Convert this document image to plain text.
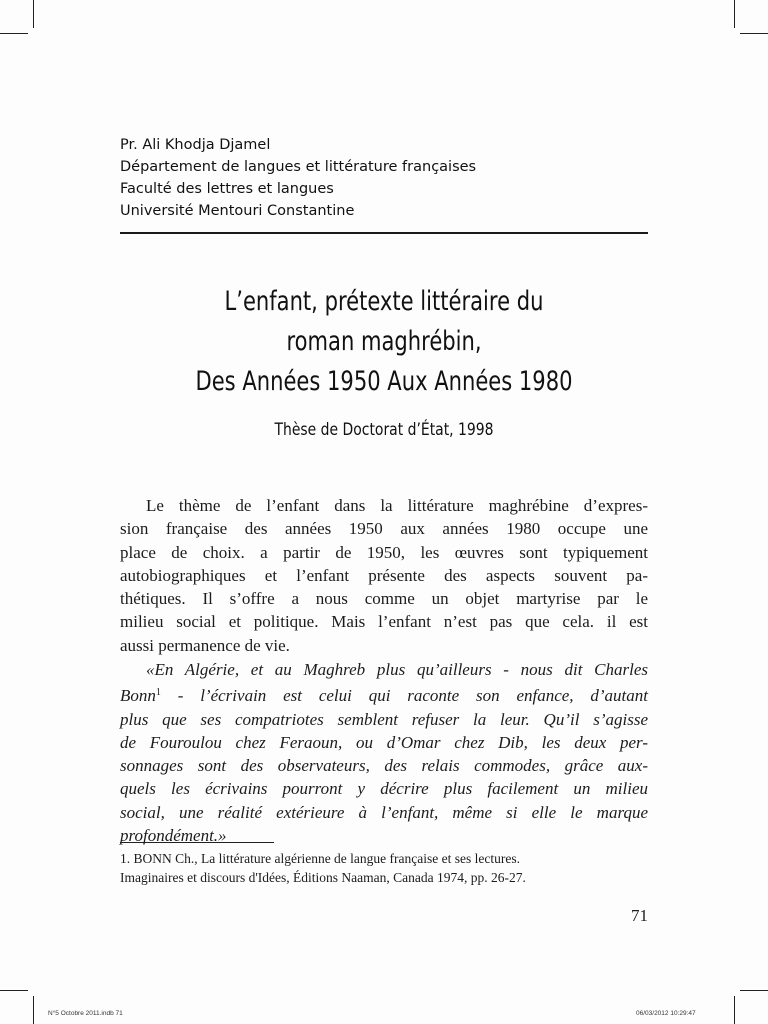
Pr. Ali Khodja Djamel
Département de langues et littérature françaises
Faculté des lettres et langues
Université Mentouri Constantine
L’enfant, prétexte littéraire du
roman maghrébin,
Des Années 1950 Aux Années 1980
Thèse de Doctorat d’État, 1998
Le thème de l’enfant dans la littérature maghrébine d’expres-
sion française des années 1950 aux années 1980 occupe une
place de choix. a partir de 1950, les œuvres sont typiquement
autobiographiques et l’enfant présente des aspects souvent pa-
thétiques. Il s’offre a nous comme un objet martyrise par le
milieu social et politique. Mais l’enfant n’est pas que cela. il est
aussi permanence de vie.
«En Algérie, et au Maghreb plus qu’ailleurs - nous dit Charles
Bonn$^1$ - l’écrivain est celui qui raconte son enfance, d’autant
plus que ses compatriotes semblent refuser la leur. Qu’il s’agisse
de Fouroulou chez Feraoun, ou d’Omar chez Dib, les deux per-
sonnages sont des observateurs, des relais commodes, grâce aux-
quels les écrivains pourront y décrire plus facilement un milieu
social, une réalité extérieure à l’enfant, même si elle le marque
profondément.»
1. BONN Ch., La littérature algérienne de langue française et ses lectures.
Imaginaires et discours d'Idées, Éditions Naaman, Canada 1974, pp. 26-27.
71
N°5 Octobre 2011.indb 71	06/03/2012 10:29:47
